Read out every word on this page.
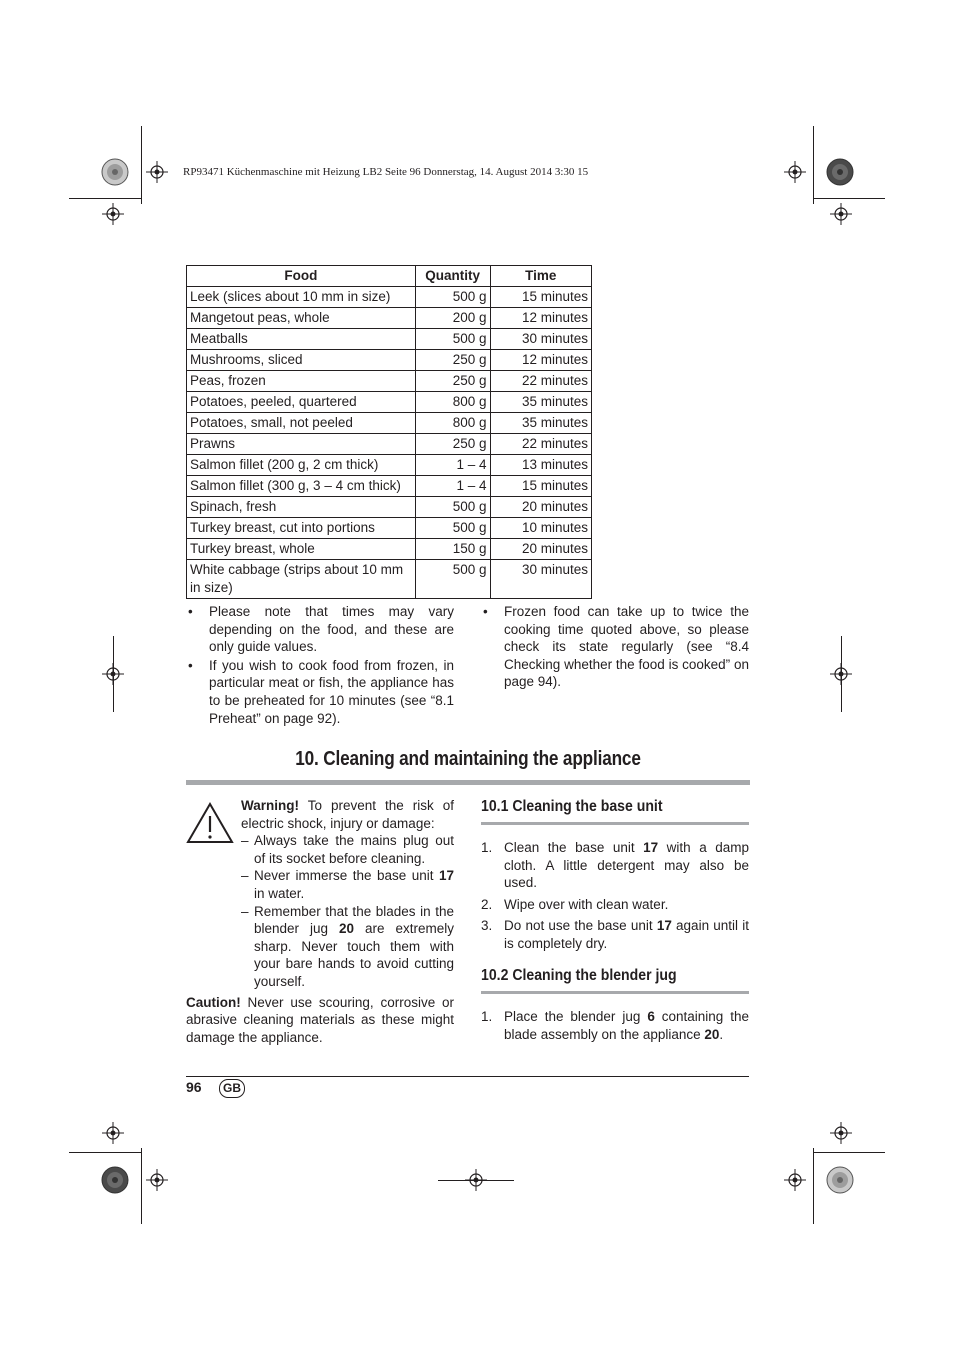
RP93471 Küchenmaschine mit Heizung LB2 Seite 96 Donnerstag, 14. August 2014 3:30 15
Food	Quantity	Time
Leek (slices about 10 mm in size)	500 g	15 minutes
Mangetout peas, whole	200 g	12 minutes
Meatballs	500 g	30 minutes
Mushrooms, sliced	250 g	12 minutes
Peas, frozen	250 g	22 minutes
Potatoes, peeled, quartered	800 g	35 minutes
Potatoes, small, not peeled	800 g	35 minutes
Prawns	250 g	22 minutes
Salmon fillet (200 g, 2 cm thick)	1 – 4	13 minutes
Salmon fillet (300 g, 3 – 4 cm thick)	1 – 4	15 minutes
Spinach, fresh	500 g	20 minutes
Turkey breast, cut into portions	500 g	10 minutes
Turkey breast, whole	150 g	20 minutes
White cabbage (strips about 10 mm in size)	500 g	30 minutes
• Please note that times may vary depending on the food, and these are only guide values.
• If you wish to cook food from frozen, in particular meat or fish, the appliance has to be preheated for 10 minutes (see “8.1 Preheat” on page 92).
• Frozen food can take up to twice the cooking time quoted above, so please check its state regularly (see “8.4 Checking whether the food is cooked” on page 94).
10. Cleaning and maintaining the appliance
Warning! To prevent the risk of electric shock, injury or damage:
– Always take the mains plug out of its socket before cleaning.
– Never immerse the base unit 17 in water.
– Remember that the blades in the blender jug 20 are extremely sharp. Never touch them with your bare hands to avoid cutting yourself.
Caution! Never use scouring, corrosive or abrasive cleaning materials as these might damage the appliance.
10.1 Cleaning the base unit
1. Clean the base unit 17 with a damp cloth. A little detergent may also be used.
2. Wipe over with clean water.
3. Do not use the base unit 17 again until it is completely dry.
10.2 Cleaning the blender jug
1. Place the blender jug 6 containing the blade assembly on the appliance 20.
96	GB
